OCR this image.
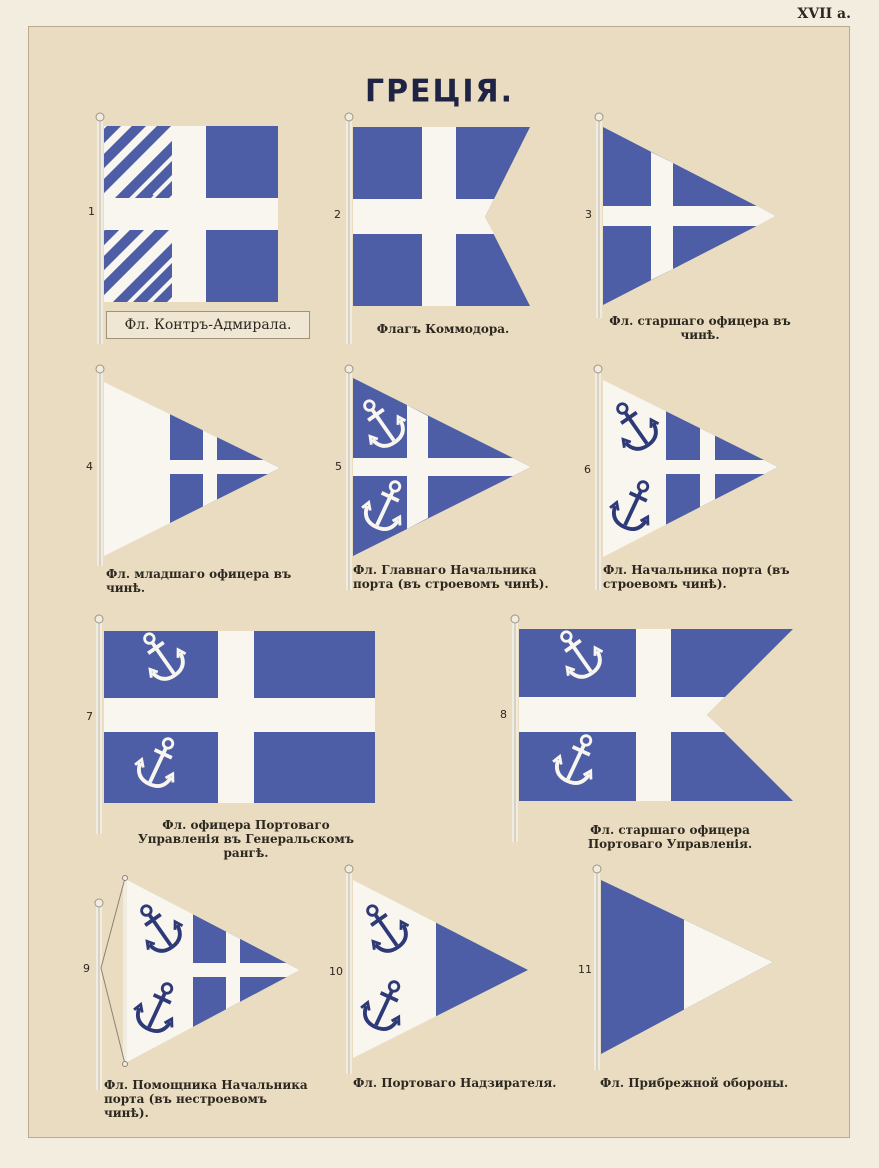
XVII a.
ГРЕЦІЯ.
1	2	3
4	5	6
7	8
9	10	11
Фл. Контръ-Адмирала.	Флагъ Коммодора.
Фл. старшаго офицера въ чинѣ.
Фл. младшаго офицера въ чинѣ.
Фл. Главнаго Начальника порта (въ строевомъ чинѣ).
Фл. Начальника порта (въ строевомъ чинѣ).
Фл. офицера Портоваго Управленія въ Генеральскомъ рангѣ.
Фл. старшаго офицера Портоваго Управленія.
Фл. Помощника Начальника порта (въ нестроевомъ чинѣ).
Фл. Портоваго Надзирателя.	Фл. Прибрежной обороны.
